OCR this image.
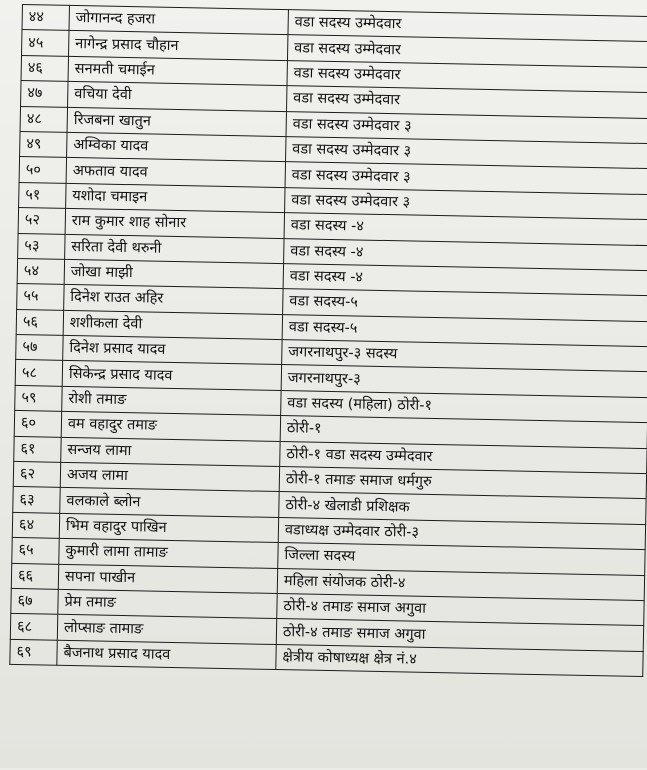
४४	जोगानन्द हजरा	वडा सदस्य उम्मेदवार
४५	नागेन्द्र प्रसाद चौहान	वडा सदस्य उम्मेदवार
४६	सनमती चमाईन	वडा सदस्य उम्मेदवार
४७	वचिया देवी	वडा सदस्य उम्मेदवार
४८	रिजबना खातुन	वडा सदस्य उम्मेदवार ३
४९	अम्विका यादव	वडा सदस्य उम्मेदवार ३
५०	अफताव यादव	वडा सदस्य उम्मेदवार ३
५१	यशोदा चमाइन	वडा सदस्य उम्मेदवार ३
५२	राम कुमार शाह सोनार	वडा सदस्य -४
५३	सरिता देवी थरुनी	वडा सदस्य -४
५४	जोखा माझी	वडा सदस्य -४
५५	दिनेश राउत अहिर	वडा सदस्य-५
५६	शशीकला देवी	वडा सदस्य-५
५७	दिनेश प्रसाद यादव	जगरनाथपुर-३ सदस्य
५८	सिकेन्द्र प्रसाद यादव	जगरनाथपुर-३
५९	रोशी तमाङ	वडा सदस्य (महिला) ठोरी-१
६०	वम वहादुर तमाङ	ठोरी-१
६१	सन्जय लामा	ठोरी-१ वडा सदस्य उम्मेदवार
६२	अजय लामा	ठोरी-१ तमाङ समाज धर्मगुरु
६३	वलकाले ब्लोन	ठोरी-४ खेलाडी प्रशिक्षक
६४	भिम वहादुर पाखिन	वडाध्यक्ष उम्मेदवार ठोरी-३
६५	कुमारी लामा तामाङ	जिल्ला सदस्य
६६	सपना पाखीन	महिला संयोजक ठोरी-४
६७	प्रेम तमाङ	ठोरी-४ तमाङ समाज अगुवा
६८	लोप्साङ तामाङ	ठोरी-४ तमाङ समाज अगुवा
६९	बैजनाथ प्रसाद यादव	क्षेत्रीय कोषाध्यक्ष क्षेत्र नं.४
